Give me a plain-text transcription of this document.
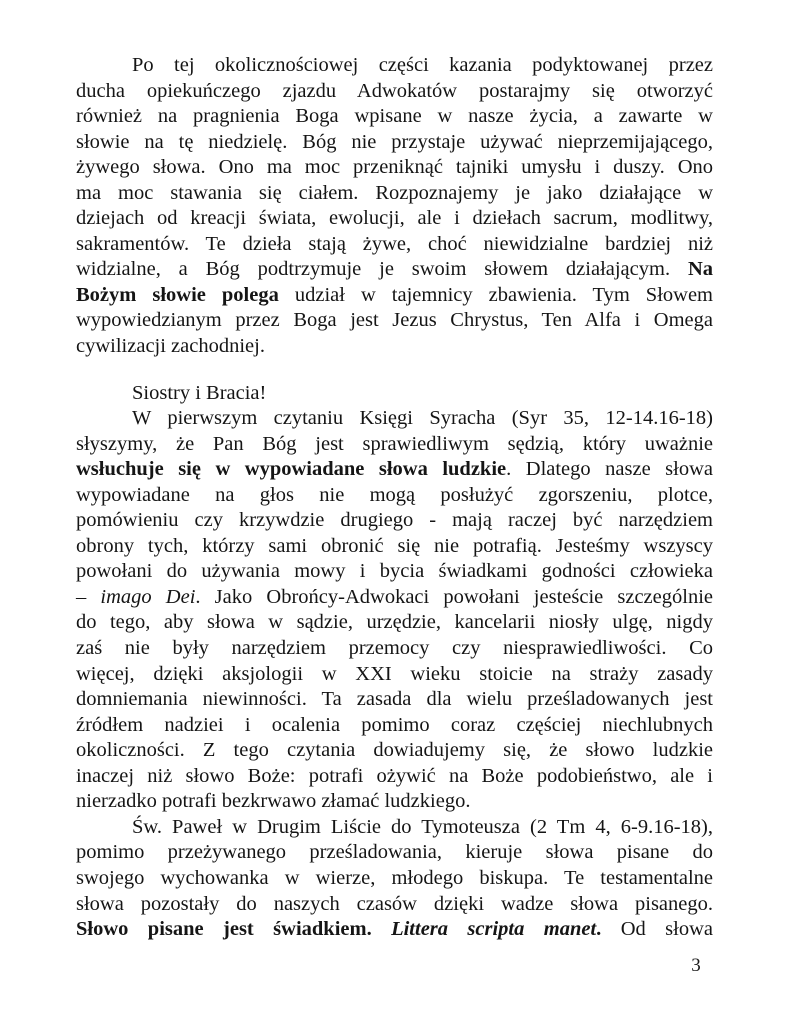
Po tej okolicznościowej części kazania podyktowanej przez
ducha opiekuńczego zjazdu Adwokatów postarajmy się otworzyć
również na pragnienia Boga wpisane w nasze życia, a zawarte w
słowie na tę niedzielę. Bóg nie przystaje używać nieprzemijającego,
żywego słowa. Ono ma moc przeniknąć tajniki umysłu i duszy. Ono
ma moc stawania się ciałem. Rozpoznajemy je jako działające w
dziejach od kreacji świata, ewolucji, ale i dziełach sacrum, modlitwy,
sakramentów. Te dzieła stają żywe, choć niewidzialne bardziej niż
widzialne, a Bóg podtrzymuje je swoim słowem działającym. Na
Bożym słowie polega udział w tajemnicy zbawienia. Tym Słowem
wypowiedzianym przez Boga jest Jezus Chrystus, Ten Alfa i Omega
cywilizacji zachodniej.
Siostry i Bracia!
W pierwszym czytaniu Księgi Syracha (Syr 35, 12-14.16-18)
słyszymy, że Pan Bóg jest sprawiedliwym sędzią, który uważnie
wsłuchuje się w wypowiadane słowa ludzkie. Dlatego nasze słowa
wypowiadane na głos nie mogą posłużyć zgorszeniu, plotce,
pomówieniu czy krzywdzie drugiego - mają raczej być narzędziem
obrony tych, którzy sami obronić się nie potrafią. Jesteśmy wszyscy
powołani do używania mowy i bycia świadkami godności człowieka
– imago Dei. Jako Obrońcy-Adwokaci powołani jesteście szczególnie
do tego, aby słowa w sądzie, urzędzie, kancelarii niosły ulgę, nigdy
zaś nie były narzędziem przemocy czy niesprawiedliwości. Co
więcej, dzięki aksjologii w XXI wieku stoicie na straży zasady
domniemania niewinności. Ta zasada dla wielu prześladowanych jest
źródłem nadziei i ocalenia pomimo coraz częściej niechlubnych
okoliczności. Z tego czytania dowiadujemy się, że słowo ludzkie
inaczej niż słowo Boże: potrafi ożywić na Boże podobieństwo, ale i
nierzadko potrafi bezkrwawo złamać ludzkiego.
Św. Paweł w Drugim Liście do Tymoteusza (2 Tm 4, 6-9.16-18),
pomimo przeżywanego prześladowania, kieruje słowa pisane do
swojego wychowanka w wierze, młodego biskupa. Te testamentalne
słowa pozostały do naszych czasów dzięki wadze słowa pisanego.
Słowo pisane jest świadkiem. Littera scripta manet. Od słowa
3
